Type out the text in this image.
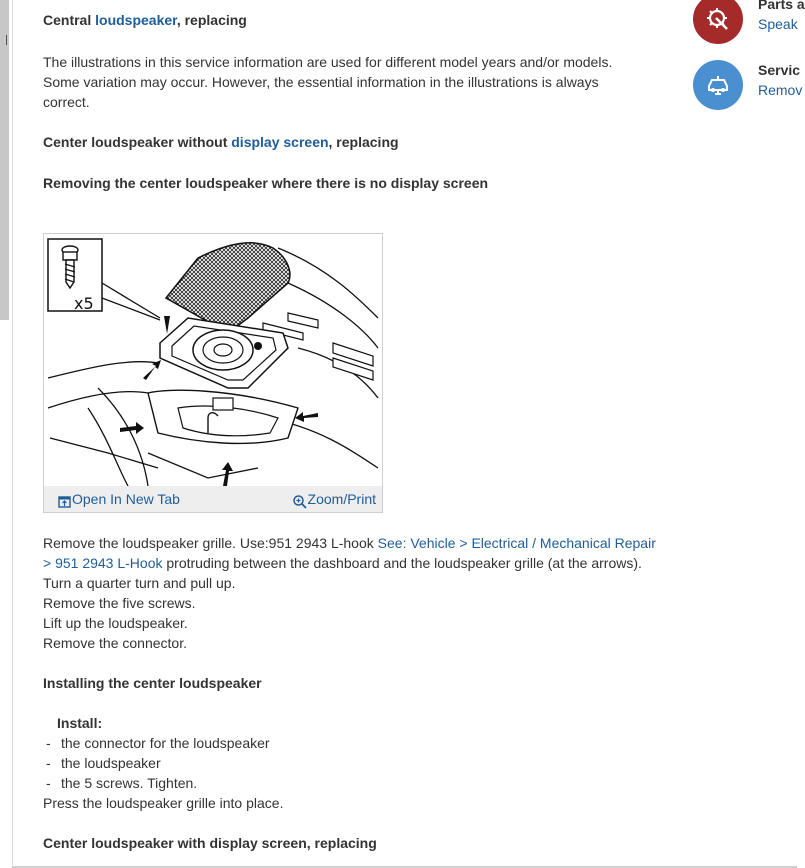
Central loudspeaker, replacing

The illustrations in this service information are used for different model years and/or models. Some variation may occur. However, the essential information in the illustrations is always correct.

Center loudspeaker without display screen, replacing

Removing the center loudspeaker where there is no display screen

x5
Open In New Tab	Zoom/Print

Remove the loudspeaker grille. Use:951 2943 L-hook See: Vehicle > Electrical / Mechanical Repair > 951 2943 L-Hook protruding between the dashboard and the loudspeaker grille (at the arrows).

Turn a quarter turn and pull up.

Remove the five screws.

Lift up the loudspeaker.

Remove the connector.

Installing the center loudspeaker

Install:

- the connector for the loudspeaker

- the loudspeaker

- the 5 screws. Tighten.

Press the loudspeaker grille into place.

Center loudspeaker with display screen, replacing

Parts a
Speak
Servic
Remov
